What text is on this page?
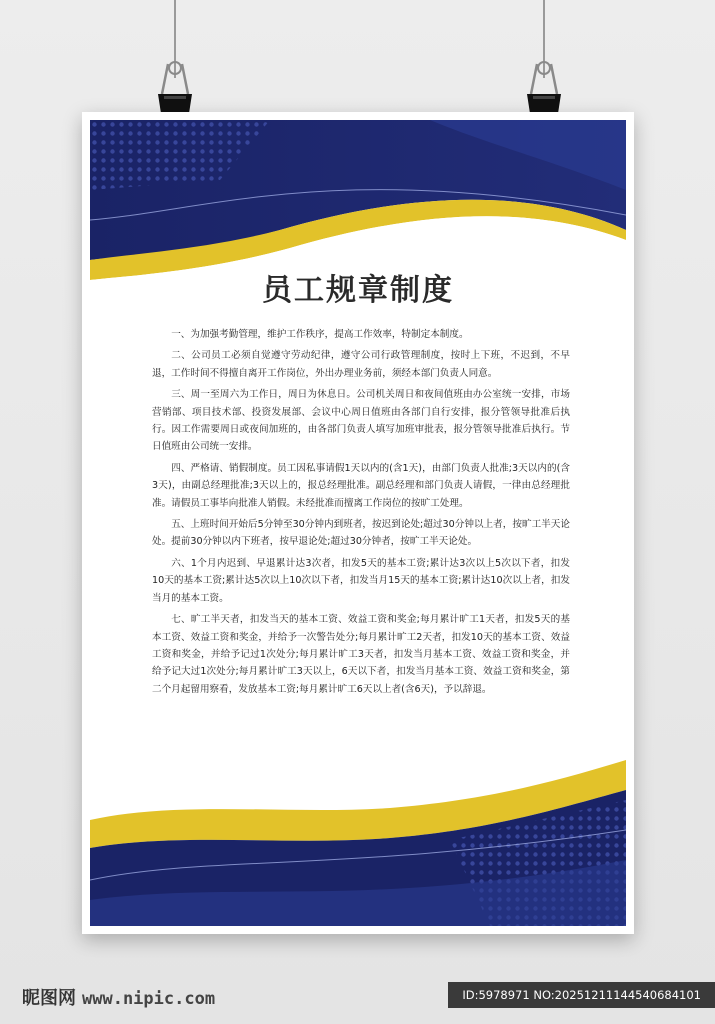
员工规章制度

一、为加强考勤管理，维护工作秩序，提高工作效率，特制定本制度。

二、公司员工必须自觉遵守劳动纪律，遵守公司行政管理制度，按时上下班，不迟到，不早退，工作时间不得擅自离开工作岗位，外出办理业务前，须经本部门负责人同意。

三、周一至周六为工作日，周日为休息日。公司机关周日和夜间值班由办公室统一安排，市场营销部、项目技术部、投资发展部、会议中心周日值班由各部门自行安排，报分管领导批准后执行。因工作需要周日或夜间加班的，由各部门负责人填写加班审批表，报分管领导批准后执行。节日值班由公司统一安排。

四、严格请、销假制度。员工因私事请假1天以内的(含1天)，由部门负责人批准;3天以内的(含3天)，由副总经理批准;3天以上的，报总经理批准。副总经理和部门负责人请假，一律由总经理批准。请假员工事毕向批准人销假。未经批准而擅离工作岗位的按旷工处理。

五、上班时间开始后5分钟至30分钟内到班者，按迟到论处;超过30分钟以上者，按旷工半天论处。提前30分钟以内下班者，按早退论处;超过30分钟者，按旷工半天论处。

六、1个月内迟到、早退累计达3次者，扣发5天的基本工资;累计达3次以上5次以下者，扣发10天的基本工资;累计达5次以上10次以下者，扣发当月15天的基本工资;累计达10次以上者，扣发当月的基本工资。

七、旷工半天者，扣发当天的基本工资、效益工资和奖金;每月累计旷工1天者，扣发5天的基本工资、效益工资和奖金，并给予一次警告处分;每月累计旷工2天者，扣发10天的基本工资、效益工资和奖金，并给予记过1次处分;每月累计旷工3天者，扣发当月基本工资、效益工资和奖金，并给予记大过1次处分;每月累计旷工3天以上，6天以下者，扣发当月基本工资、效益工资和奖金，第二个月起留用察看，发放基本工资;每月累计旷工6天以上者(含6天)，予以辞退。

昵图网 www.nipic.com	ID:5978971 NO:20251211144540684101
